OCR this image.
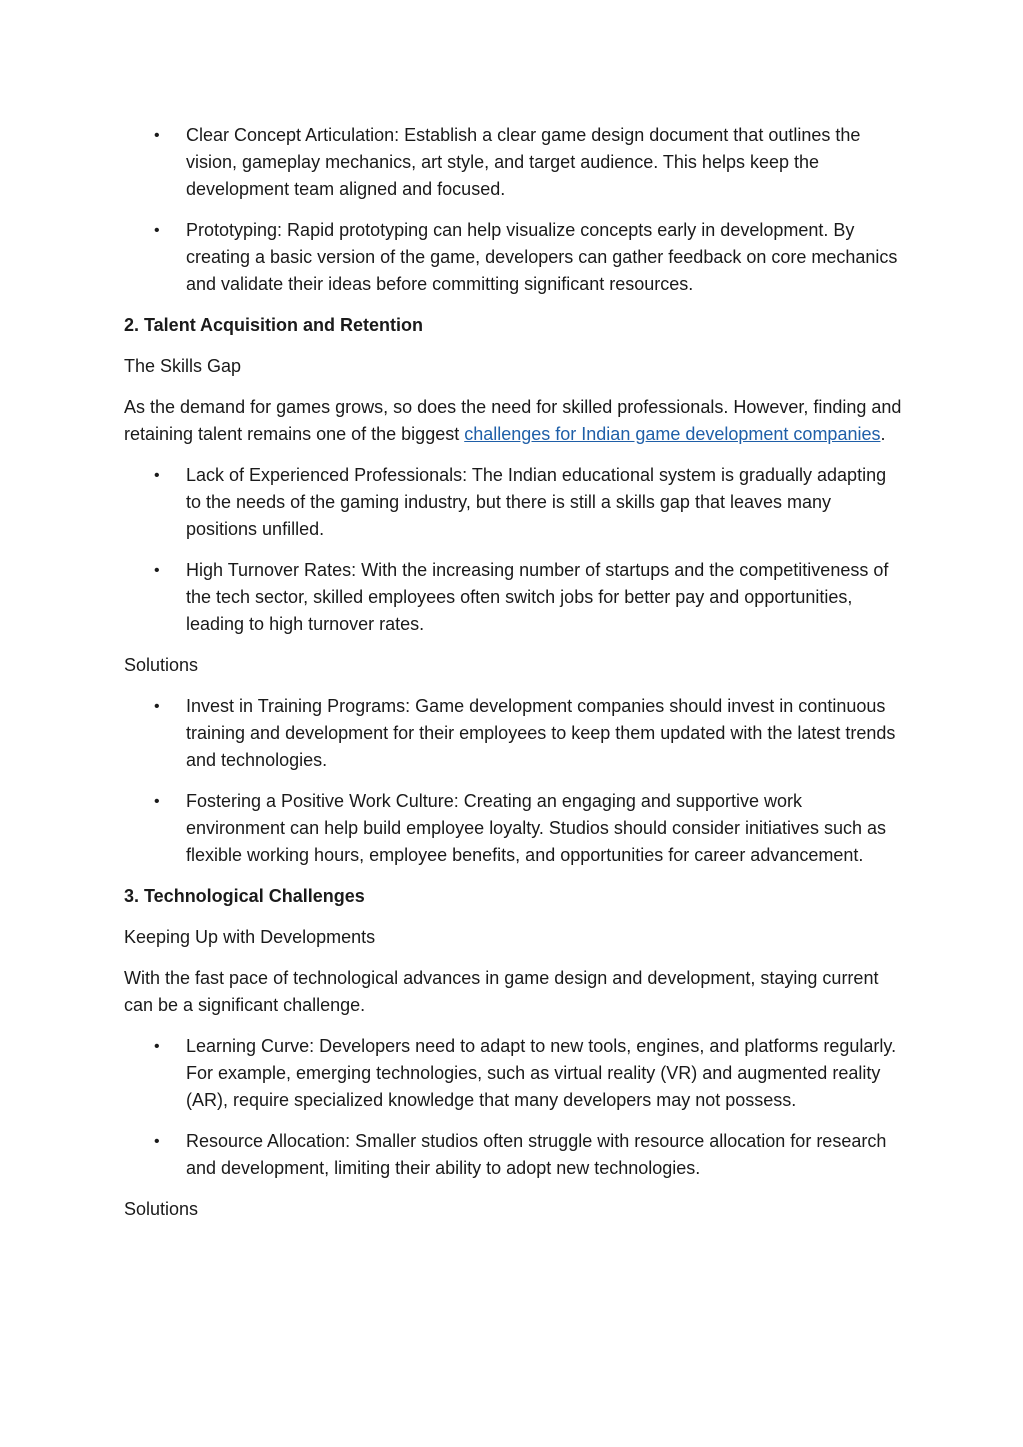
• Clear Concept Articulation: Establish a clear game design document that outlines the vision, gameplay mechanics, art style, and target audience. This helps keep the development team aligned and focused.
• Prototyping: Rapid prototyping can help visualize concepts early in development. By creating a basic version of the game, developers can gather feedback on core mechanics and validate their ideas before committing significant resources.

2. Talent Acquisition and Retention

The Skills Gap

As the demand for games grows, so does the need for skilled professionals. However, finding and retaining talent remains one of the biggest challenges for Indian game development companies.

• Lack of Experienced Professionals: The Indian educational system is gradually adapting to the needs of the gaming industry, but there is still a skills gap that leaves many positions unfilled.
• High Turnover Rates: With the increasing number of startups and the competitiveness of the tech sector, skilled employees often switch jobs for better pay and opportunities, leading to high turnover rates.

Solutions

• Invest in Training Programs: Game development companies should invest in continuous training and development for their employees to keep them updated with the latest trends and technologies.
• Fostering a Positive Work Culture: Creating an engaging and supportive work environment can help build employee loyalty. Studios should consider initiatives such as flexible working hours, employee benefits, and opportunities for career advancement.

3. Technological Challenges

Keeping Up with Developments

With the fast pace of technological advances in game design and development, staying current can be a significant challenge.

• Learning Curve: Developers need to adapt to new tools, engines, and platforms regularly. For example, emerging technologies, such as virtual reality (VR) and augmented reality (AR), require specialized knowledge that many developers may not possess.
• Resource Allocation: Smaller studios often struggle with resource allocation for research and development, limiting their ability to adopt new technologies.

Solutions
